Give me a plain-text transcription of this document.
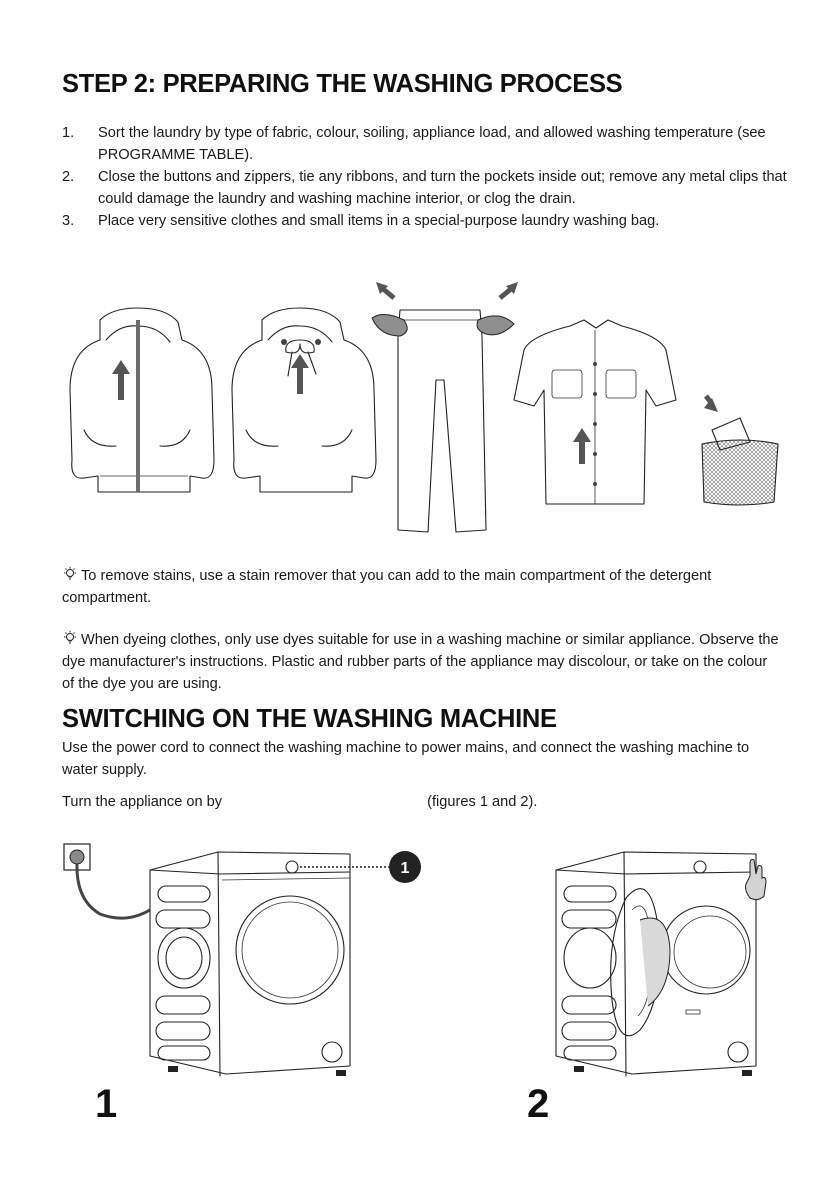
STEP 2: PREPARING THE WASHING PROCESS
1.	Sort the laundry by type of fabric, colour, soiling, appliance load, and allowed washing temperature (see PROGRAMME TABLE).
2.	Close the buttons and zippers, tie any ribbons, and turn the pockets inside out; remove any metal clips that could damage the laundry and washing machine interior, or clog the drain.
3.	Place very sensitive clothes and small items in a special-purpose laundry washing bag.
To remove stains, use a stain remover that you can add to the main compartment of the detergent compartment.
When dyeing clothes, only use dyes suitable for use in a washing machine or similar appliance. Observe the dye manufacturer's instructions. Plastic and rubber parts of the appliance may discolour, or take on the colour of the dye you are using.
SWITCHING ON THE WASHING MACHINE
Use the power cord to connect the washing machine to power mains, and connect the washing machine to water supply.
Turn the appliance on by	(figures 1 and 2).
1
1	2
